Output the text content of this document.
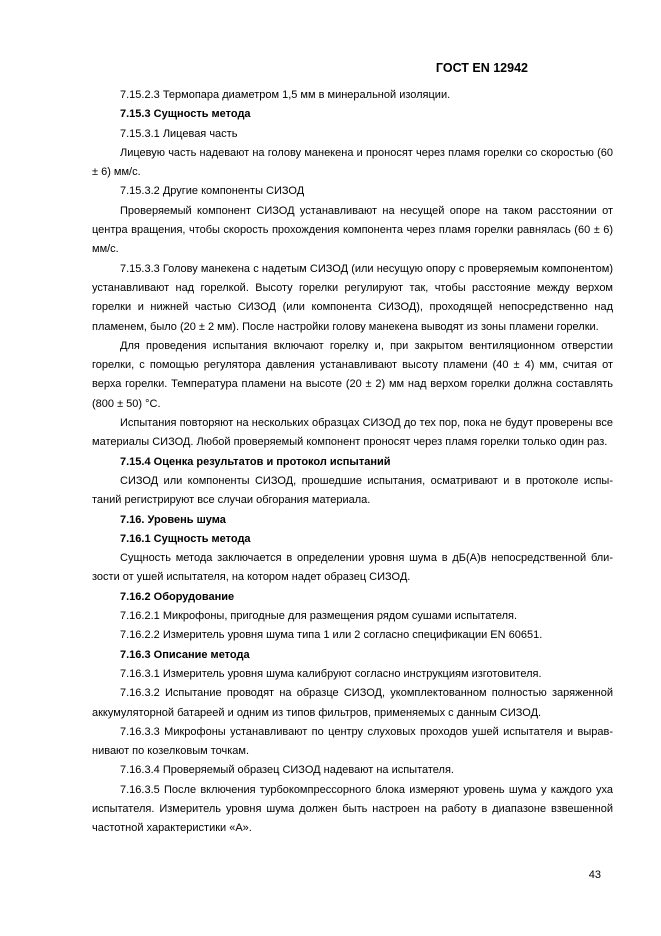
ГОСТ EN 12942

7.15.2.3 Термопара диаметром 1,5 мм в минеральной изоляции.

7.15.3 Сущность метода

7.15.3.1 Лицевая часть

Лицевую часть надевают на голову манекена и проносят через пламя горелки со скоростью (60 ± 6) мм/с.

7.15.3.2 Другие компоненты СИЗОД

Проверяемый компонент СИЗОД устанавливают на несущей опоре на таком расстоянии от центра вращения, чтобы скорость прохождения компонента через пламя горелки равнялась (60 ± 6) мм/с.

7.15.3.3 Голову манекена с надетым СИЗОД (или несущую опору с проверяемым компонентом) устанавливают над горелкой. Высоту горелки регулируют так, чтобы расстояние между верхом горелки и нижней частью СИЗОД (или компонента СИЗОД), проходящей непосредственно над пламенем, было (20 ± 2 мм). После настройки голову манекена выводят из зоны пламени горелки.

Для проведения испытания включают горелку и, при закрытом вентиляционном отверстии горелки, с помощью регулятора давления устанавливают высоту пламени (40 ± 4) мм, считая от верха горелки. Температура пламени на высоте (20 ± 2) мм над верхом горелки должна составлять (800 ± 50) °С.

Испытания повторяют на нескольких образцах СИЗОД до тех пор, пока не будут проверены все материалы СИЗОД. Любой проверяемый компонент проносят через пламя горелки только один раз.

7.15.4 Оценка результатов и протокол испытаний

СИЗОД или компоненты СИЗОД, прошедшие испытания, осматривают и в протоколе испытаний регистрируют все случаи обгорания материала.

7.16. Уровень шума

7.16.1 Сущность метода

Сущность метода заключается в определении уровня шума в дБ(А)в непосредственной близости от ушей испытателя, на котором надет образец СИЗОД.

7.16.2 Оборудование

7.16.2.1 Микрофоны, пригодные для размещения рядом сушами испытателя.

7.16.2.2 Измеритель уровня шума типа 1 или 2 согласно спецификации EN 60651.

7.16.3 Описание метода

7.16.3.1 Измеритель уровня шума калибруют согласно инструкциям изготовителя.

7.16.3.2 Испытание проводят на образце СИЗОД, укомплектованном полностью заряженной аккумуляторной батареей и одним из типов фильтров, применяемых с данным СИЗОД.

7.16.3.3 Микрофоны устанавливают по центру слуховых проходов ушей испытателя и выравнивают по козелковым точкам.

7.16.3.4 Проверяемый образец СИЗОД надевают на испытателя.

7.16.3.5 После включения турбокомпрессорного блока измеряют уровень шума у каждого уха испытателя. Измеритель уровня шума должен быть настроен на работу в диапазоне взвешенной частотной характеристики «А».

43
